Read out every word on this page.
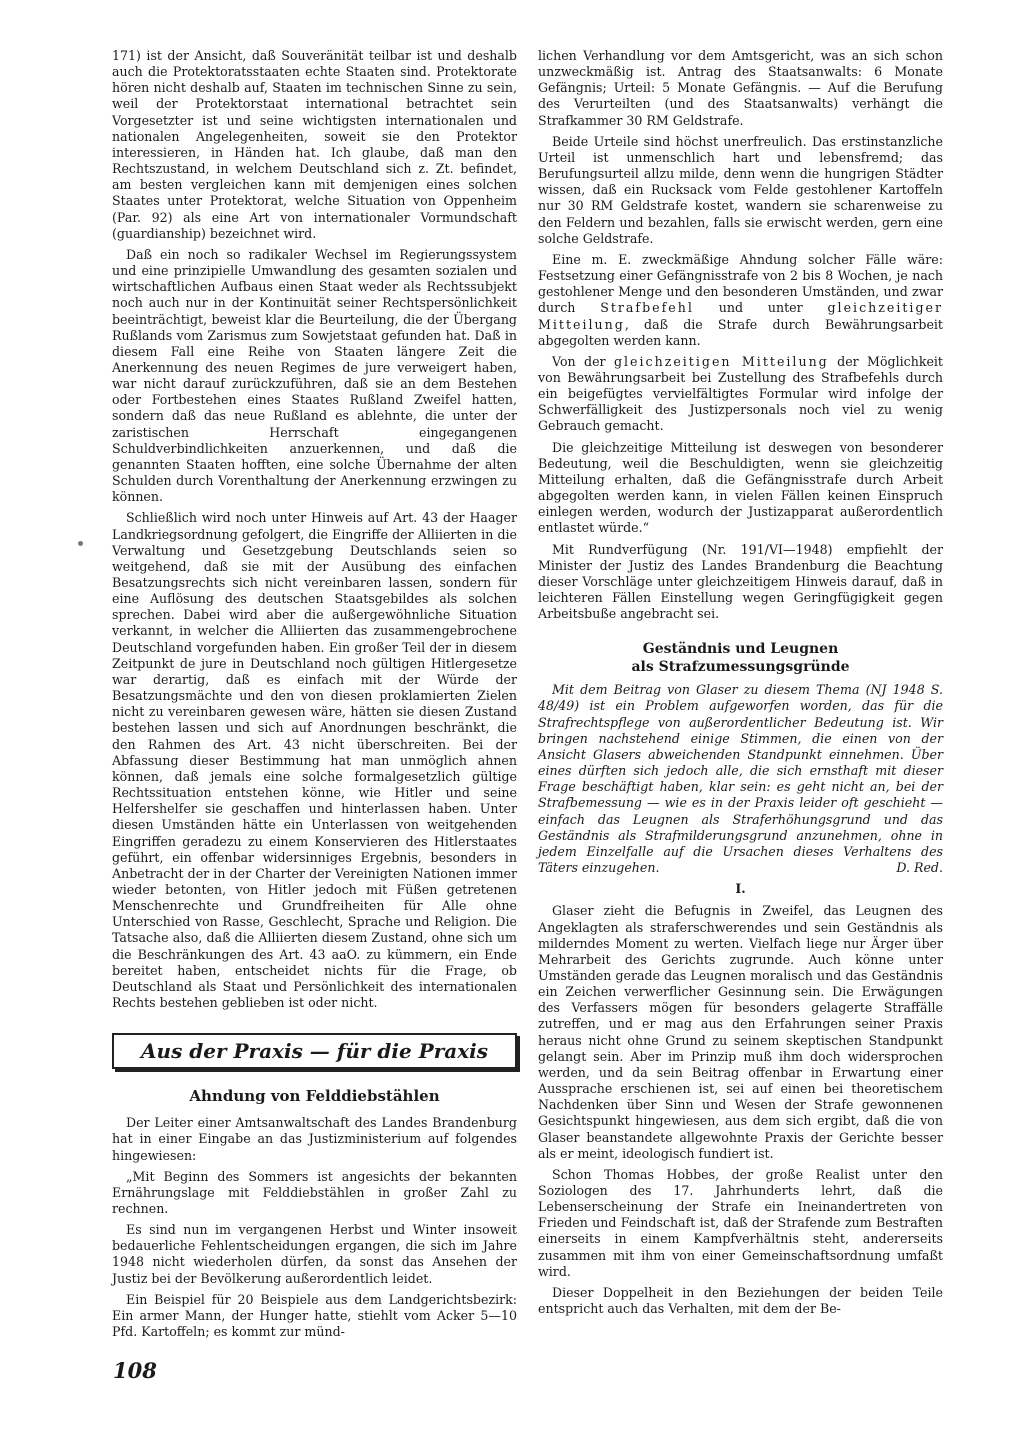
171) ist der Ansicht, daß Souveränität teilbar ist und deshalb auch die Protektoratsstaaten echte Staaten sind. Protektorate hören nicht deshalb auf, Staaten im technischen Sinne zu sein, weil der Protektorstaat international betrachtet sein Vorgesetzter ist und seine wichtigsten internationalen und nationalen Angelegenheiten, soweit sie den Protektor interessieren, in Händen hat. Ich glaube, daß man den Rechtszustand, in welchem Deutschland sich z. Zt. befindet, am besten vergleichen kann mit demjenigen eines solchen Staates unter Protektorat, welche Situation von Oppenheim (Par. 92) als eine Art von internationaler Vormundschaft (guardianship) bezeichnet wird.

Daß ein noch so radikaler Wechsel im Regierungssystem und eine prinzipielle Umwandlung des gesamten sozialen und wirtschaftlichen Aufbaus einen Staat weder als Rechtssubjekt noch auch nur in der Kontinuität seiner Rechtspersönlichkeit beeinträchtigt, beweist klar die Beurteilung, die der Übergang Rußlands vom Zarismus zum Sowjetstaat gefunden hat. Daß in diesem Fall eine Reihe von Staaten längere Zeit die Anerkennung des neuen Regimes de jure verweigert haben, war nicht darauf zurückzuführen, daß sie an dem Bestehen oder Fortbestehen eines Staates Rußland Zweifel hatten, sondern daß das neue Rußland es ablehnte, die unter der zaristischen Herrschaft eingegangenen Schuldverbindlichkeiten anzuerkennen, und daß die genannten Staaten hofften, eine solche Übernahme der alten Schulden durch Vorenthaltung der Anerkennung erzwingen zu können.

Schließlich wird noch unter Hinweis auf Art. 43 der Haager Landkriegsordnung gefolgert, die Eingriffe der Alliierten in die Verwaltung und Gesetzgebung Deutschlands seien so weitgehend, daß sie mit der Ausübung des einfachen Besatzungsrechts sich nicht vereinbaren lassen, sondern für eine Auflösung des deutschen Staatsgebildes als solchen sprechen. Dabei wird aber die außergewöhnliche Situation verkannt, in welcher die Alliierten das zusammengebrochene Deutschland vorgefunden haben. Ein großer Teil der in diesem Zeitpunkt de jure in Deutschland noch gültigen Hitlergesetze war derartig, daß es einfach mit der Würde der Besatzungsmächte und den von diesen proklamierten Zielen nicht zu vereinbaren gewesen wäre, hätten sie diesen Zustand bestehen lassen und sich auf Anordnungen beschränkt, die den Rahmen des Art. 43 nicht überschreiten. Bei der Abfassung dieser Bestimmung hat man unmöglich ahnen können, daß jemals eine solche formalgesetzlich gültige Rechtssituation entstehen könne, wie Hitler und seine Helfershelfer sie geschaffen und hinterlassen haben. Unter diesen Umständen hätte ein Unterlassen von weitgehenden Eingriffen geradezu zu einem Konservieren des Hitlerstaates geführt, ein offenbar widersinniges Ergebnis, besonders in Anbetracht der in der Charter der Vereinigten Nationen immer wieder betonten, von Hitler jedoch mit Füßen getretenen Menschenrechte und Grundfreiheiten für Alle ohne Unterschied von Rasse, Geschlecht, Sprache und Religion. Die Tatsache also, daß die Alliierten diesem Zustand, ohne sich um die Beschränkungen des Art. 43 aaO. zu kümmern, ein Ende bereitet haben, entscheidet nichts für die Frage, ob Deutschland als Staat und Persönlichkeit des internationalen Rechts bestehen geblieben ist oder nicht.

Aus der Praxis — für die Praxis
Ahndung von Felddiebstählen

Der Leiter einer Amtsanwaltschaft des Landes Brandenburg hat in einer Eingabe an das Justizministerium auf folgendes hingewiesen:

„Mit Beginn des Sommers ist angesichts der bekannten Ernährungslage mit Felddiebstählen in großer Zahl zu rechnen.

Es sind nun im vergangenen Herbst und Winter insoweit bedauerliche Fehlentscheidungen ergangen, die sich im Jahre 1948 nicht wiederholen dürfen, da sonst das Ansehen der Justiz bei der Bevölkerung außerordentlich leidet.

Ein Beispiel für 20 Beispiele aus dem Landgerichtsbezirk: Ein armer Mann, der Hunger hatte, stiehlt vom Acker 5—10 Pfd. Kartoffeln; es kommt zur münd-

lichen Verhandlung vor dem Amtsgericht, was an sich schon unzweckmäßig ist. Antrag des Staatsanwalts: 6 Monate Gefängnis; Urteil: 5 Monate Gefängnis. — Auf die Berufung des Verurteilten (und des Staatsanwalts) verhängt die Strafkammer 30 RM Geldstrafe.

Beide Urteile sind höchst unerfreulich. Das erstinstanzliche Urteil ist unmenschlich hart und lebensfremd; das Berufungsurteil allzu milde, denn wenn die hungrigen Städter wissen, daß ein Rucksack vom Felde gestohlener Kartoffeln nur 30 RM Geldstrafe kostet, wandern sie scharenweise zu den Feldern und bezahlen, falls sie erwischt werden, gern eine solche Geldstrafe.

Eine m. E. zweckmäßige Ahndung solcher Fälle wäre: Festsetzung einer Gefängnisstrafe von 2 bis 8 Wochen, je nach gestohlener Menge und den besonderen Umständen, und zwar durch Strafbefehl und unter gleichzeitiger Mitteilung, daß die Strafe durch Bewährungsarbeit abgegolten werden kann.

Von der gleichzeitigen Mitteilung der Möglichkeit von Bewährungsarbeit bei Zustellung des Strafbefehls durch ein beigefügtes vervielfältigtes Formular wird infolge der Schwerfälligkeit des Justizpersonals noch viel zu wenig Gebrauch gemacht.

Die gleichzeitige Mitteilung ist deswegen von besonderer Bedeutung, weil die Beschuldigten, wenn sie gleichzeitig Mitteilung erhalten, daß die Gefängnisstrafe durch Arbeit abgegolten werden kann, in vielen Fällen keinen Einspruch einlegen werden, wodurch der Justizapparat außerordentlich entlastet würde.“

Mit Rundverfügung (Nr. 191/VI—1948) empfiehlt der Minister der Justiz des Landes Brandenburg die Beachtung dieser Vorschläge unter gleichzeitigem Hinweis darauf, daß in leichteren Fällen Einstellung wegen Geringfügigkeit gegen Arbeitsbuße angebracht sei.

Geständnis und Leugnen
als Strafzumessungsgründe

Mit dem Beitrag von Glaser zu diesem Thema (NJ 1948 S. 48/49) ist ein Problem aufgeworfen worden, das für die Strafrechtspflege von außerordentlicher Bedeutung ist. Wir bringen nachstehend einige Stimmen, die einen von der Ansicht Glasers abweichenden Standpunkt einnehmen. Über eines dürften sich jedoch alle, die sich ernsthaft mit dieser Frage beschäftigt haben, klar sein: es geht nicht an, bei der Strafbemessung — wie es in der Praxis leider oft geschieht — einfach das Leugnen als Straferhöhungsgrund und das Geständnis als Strafmilderungsgrund anzunehmen, ohne in jedem Einzelfalle auf die Ursachen dieses Verhaltens des Täters einzugehen.	D. Red.

I.

Glaser zieht die Befugnis in Zweifel, das Leugnen des Angeklagten als straferschwerendes und sein Geständnis als milderndes Moment zu werten. Vielfach liege nur Ärger über Mehrarbeit des Gerichts zugrunde. Auch könne unter Umständen gerade das Leugnen moralisch und das Geständnis ein Zeichen verwerflicher Gesinnung sein. Die Erwägungen des Verfassers mögen für besonders gelagerte Straffälle zutreffen, und er mag aus den Erfahrungen seiner Praxis heraus nicht ohne Grund zu seinem skeptischen Standpunkt gelangt sein. Aber im Prinzip muß ihm doch widersprochen werden, und da sein Beitrag offenbar in Erwartung einer Aussprache erschienen ist, sei auf einen bei theoretischem Nachdenken über Sinn und Wesen der Strafe gewonnenen Gesichtspunkt hingewiesen, aus dem sich ergibt, daß die von Glaser beanstandete allgewohnte Praxis der Gerichte besser als er meint, ideologisch fundiert ist.

Schon Thomas Hobbes, der große Realist unter den Soziologen des 17. Jahrhunderts lehrt, daß die Lebenserscheinung der Strafe ein Ineinandertreten von Frieden und Feindschaft ist, daß der Strafende zum Bestraften einerseits in einem Kampfverhältnis steht, andererseits zusammen mit ihm von einer Gemeinschaftsordnung umfaßt wird.

Dieser Doppelheit in den Beziehungen der beiden Teile entspricht auch das Verhalten, mit dem der Be-

108
